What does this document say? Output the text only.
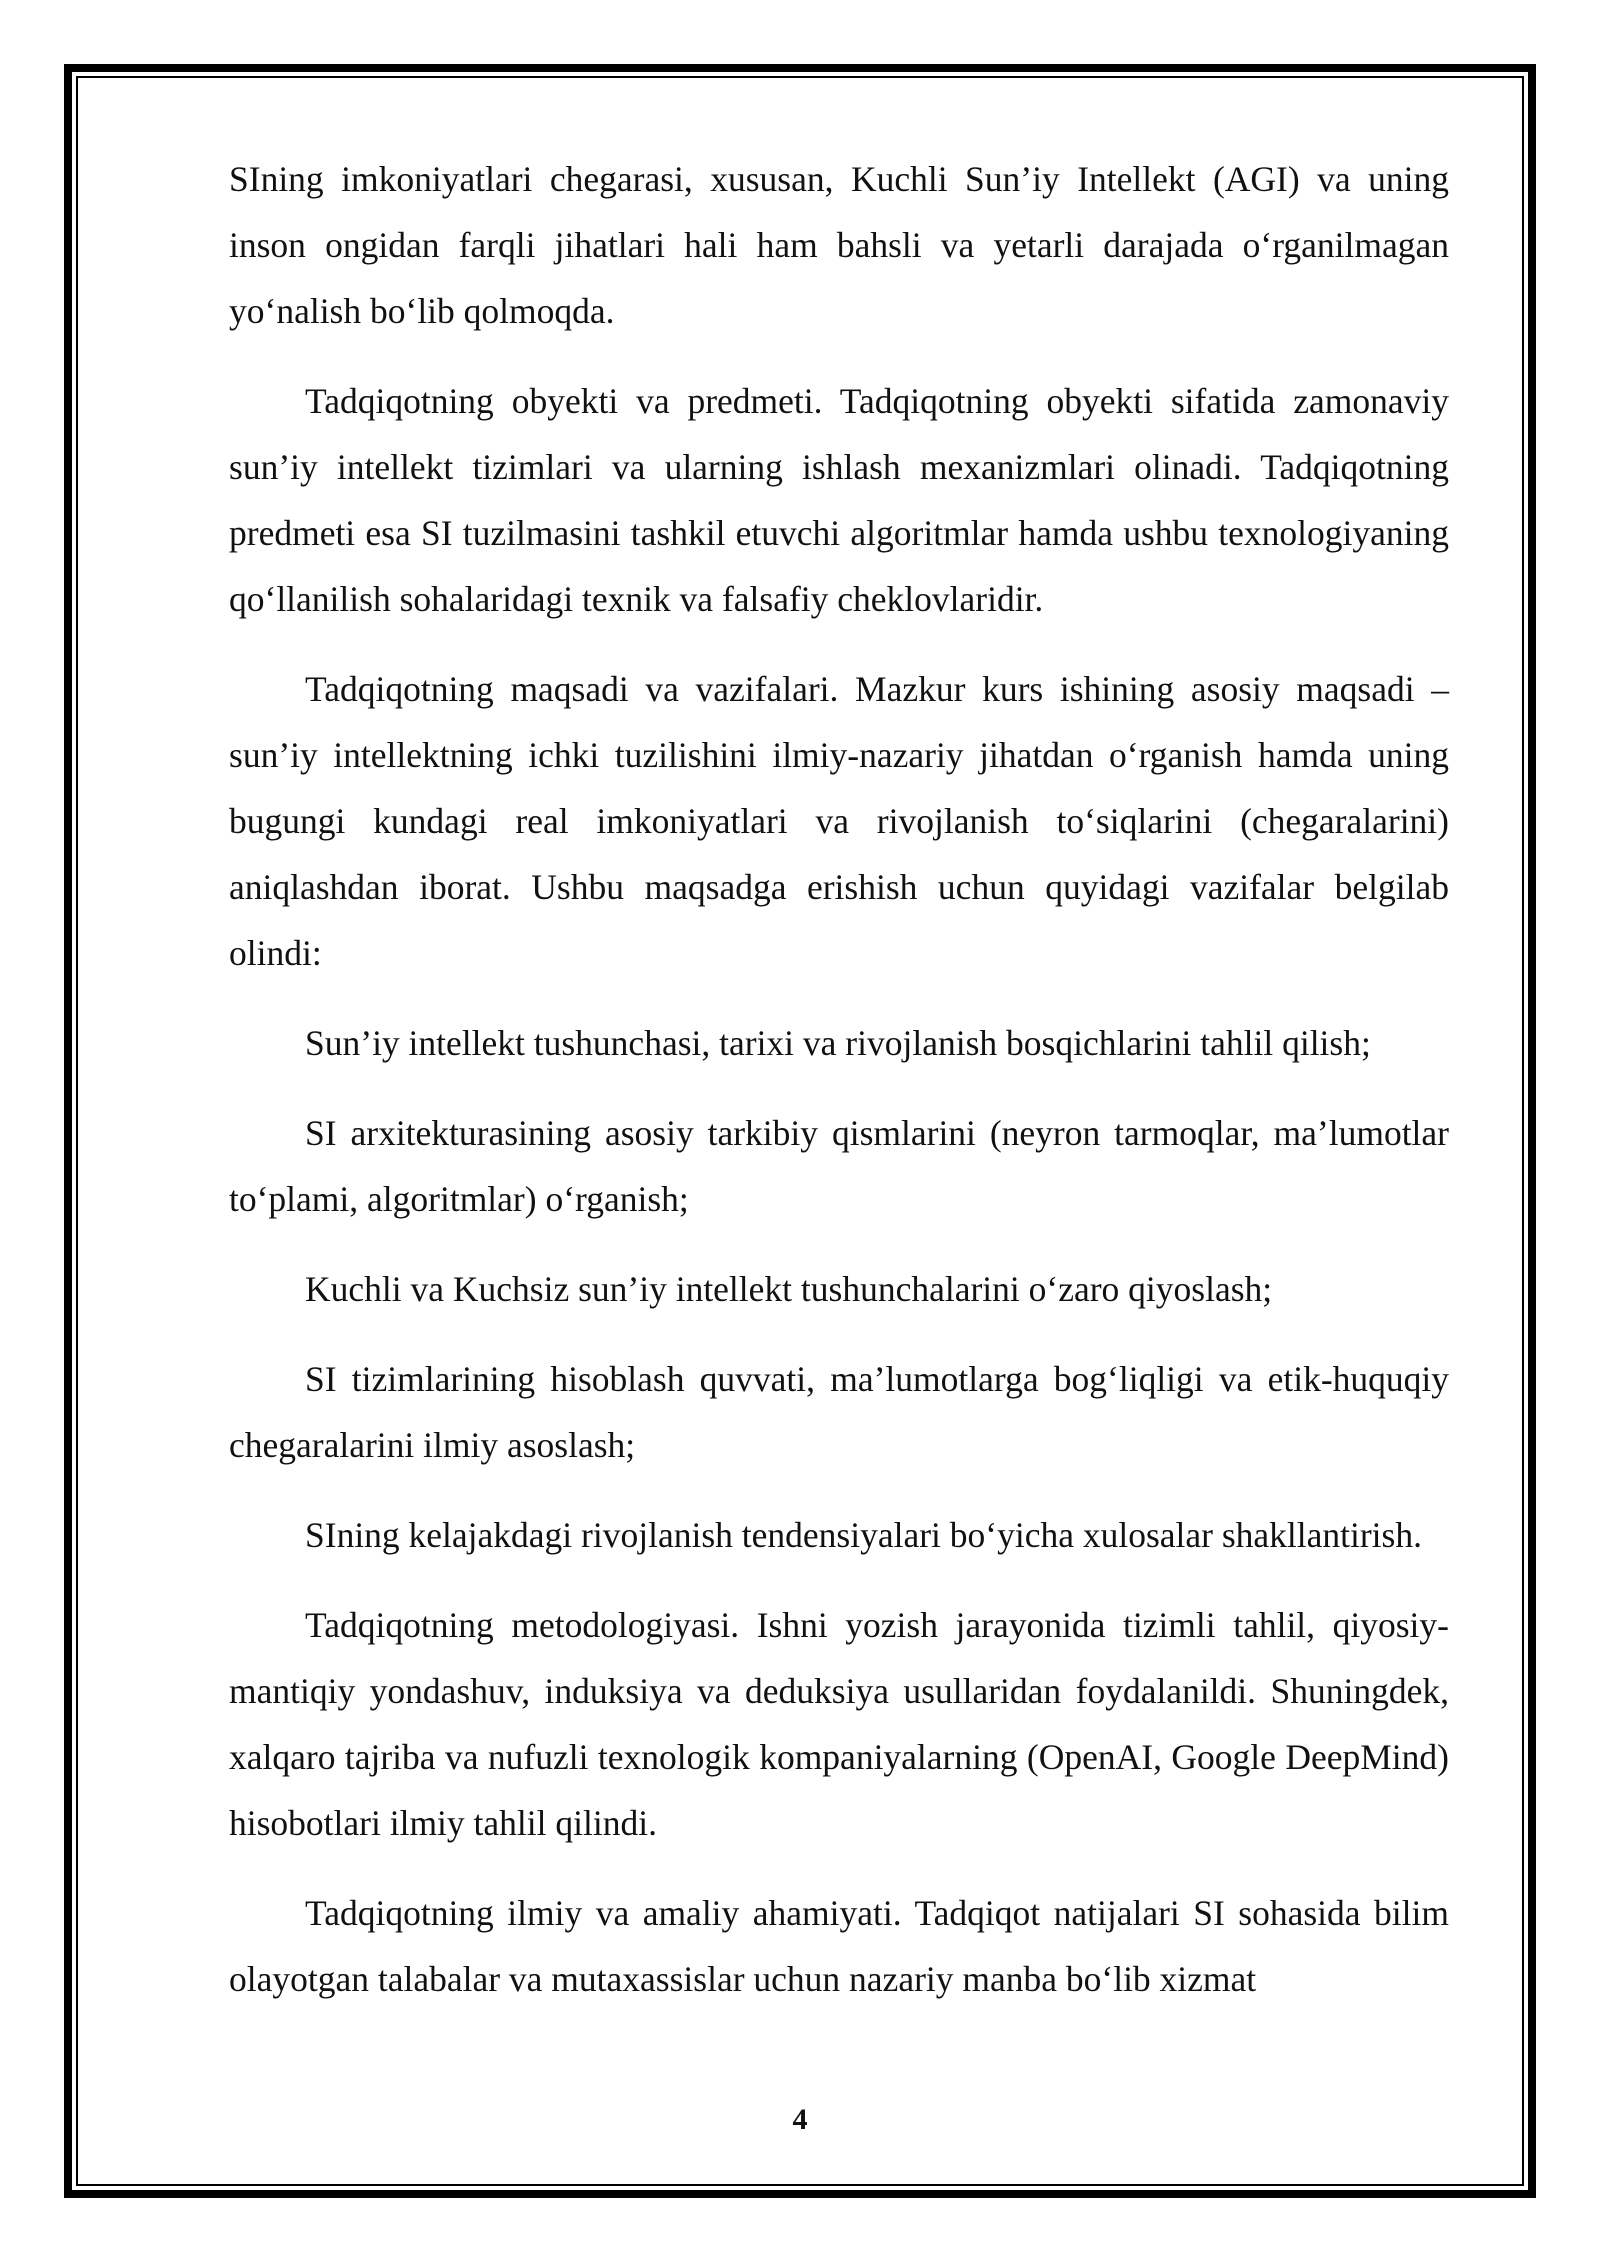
SIning imkoniyatlari chegarasi, xususan, Kuchli Sun’iy Intellekt (AGI) va uning inson ongidan farqli jihatlari hali ham bahsli va yetarli darajada o‘rganilmagan yo‘nalish bo‘lib qolmoqda.

Tadqiqotning obyekti va predmeti. Tadqiqotning obyekti sifatida zamonaviy sun’iy intellekt tizimlari va ularning ishlash mexanizmlari olinadi. Tadqiqotning predmeti esa SI tuzilmasini tashkil etuvchi algoritmlar hamda ushbu texnologiyaning qo‘llanilish sohalaridagi texnik va falsafiy cheklovlaridir.

Tadqiqotning maqsadi va vazifalari. Mazkur kurs ishining asosiy maqsadi – sun’iy intellektning ichki tuzilishini ilmiy-nazariy jihatdan o‘rganish hamda uning bugungi kundagi real imkoniyatlari va rivojlanish to‘siqlarini (chegaralarini) aniqlashdan iborat. Ushbu maqsadga erishish uchun quyidagi vazifalar belgilab olindi:

Sun’iy intellekt tushunchasi, tarixi va rivojlanish bosqichlarini tahlil qilish;

SI arxitekturasining asosiy tarkibiy qismlarini (neyron tarmoqlar, ma’lumotlar to‘plami, algoritmlar) o‘rganish;

Kuchli va Kuchsiz sun’iy intellekt tushunchalarini o‘zaro qiyoslash;

SI tizimlarining hisoblash quvvati, ma’lumotlarga bog‘liqligi va etik-huquqiy chegaralarini ilmiy asoslash;

SIning kelajakdagi rivojlanish tendensiyalari bo‘yicha xulosalar shakllantirish.

Tadqiqotning metodologiyasi. Ishni yozish jarayonida tizimli tahlil, qiyosiy-mantiqiy yondashuv, induksiya va deduksiya usullaridan foydalanildi. Shuningdek, xalqaro tajriba va nufuzli texnologik kompaniyalarning (OpenAI, Google DeepMind) hisobotlari ilmiy tahlil qilindi.

Tadqiqotning ilmiy va amaliy ahamiyati. Tadqiqot natijalari SI sohasida bilim olayotgan talabalar va mutaxassislar uchun nazariy manba bo‘lib xizmat

4
